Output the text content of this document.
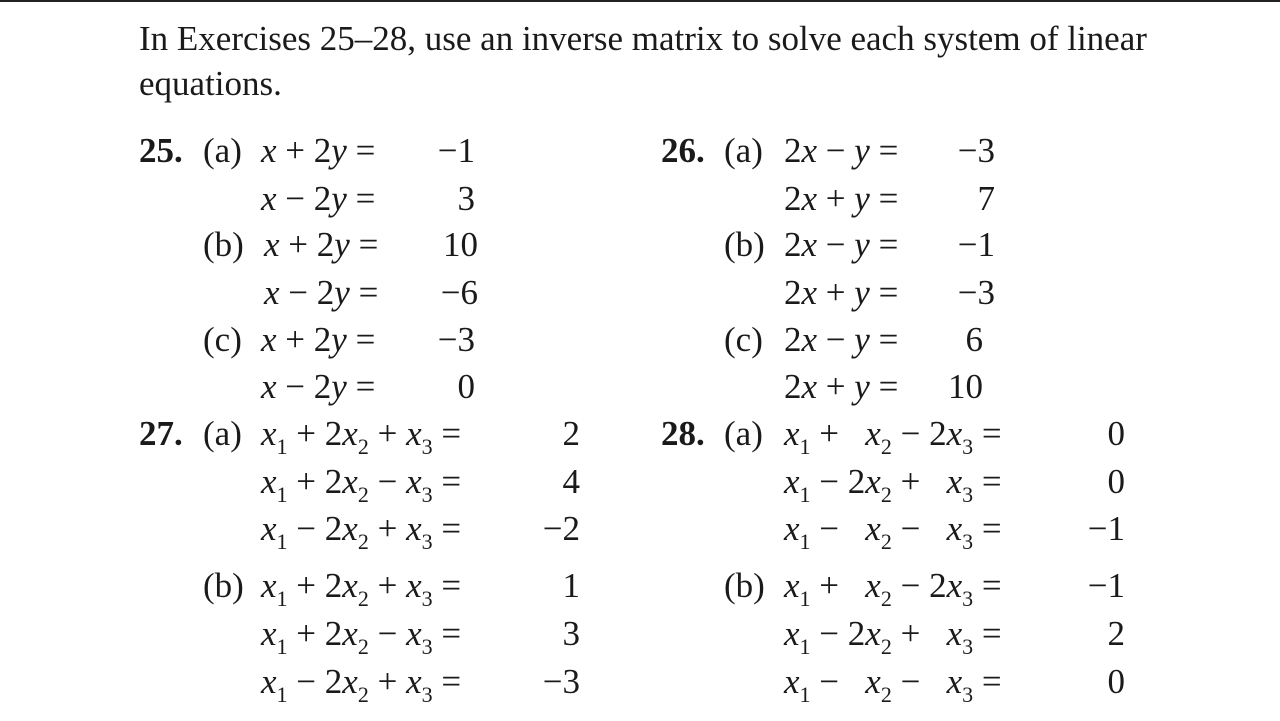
In Exercises 25–28, use an inverse matrix to solve each system of linear equations.
25. (a) x + 2y =	−1
x − 2y =	3
(b) x + 2y =	10
x − 2y =	−6
(c) x + 2y =	−3
x − 2y =	0
26. (a) 2x − y =	−3
2x + y =	7
(b) 2x − y =	−1
2x + y =	−3
(c) 2x − y =	6
2x + y =	10
27. (a) $x_1 + 2x_2 + x_3$ =	2
$x_1 + 2x_2 - x_3$ =	4
$x_1 - 2x_2 + x_3$ =	−2
(b) $x_1 + 2x_2 + x_3$ =	1
$x_1 + 2x_2 - x_3$ =	3
$x_1 - 2x_2 + x_3$ =	−3
28. (a) $x_1 + x_2 - 2x_3$ =	0
$x_1 - 2x_2 + x_3$ =	0
$x_1 - x_2 - x_3$ =	−1
(b) $x_1 + x_2 - 2x_3$ =	−1
$x_1 - 2x_2 + x_3$ =	2
$x_1 - x_2 - x_3$ =	0
